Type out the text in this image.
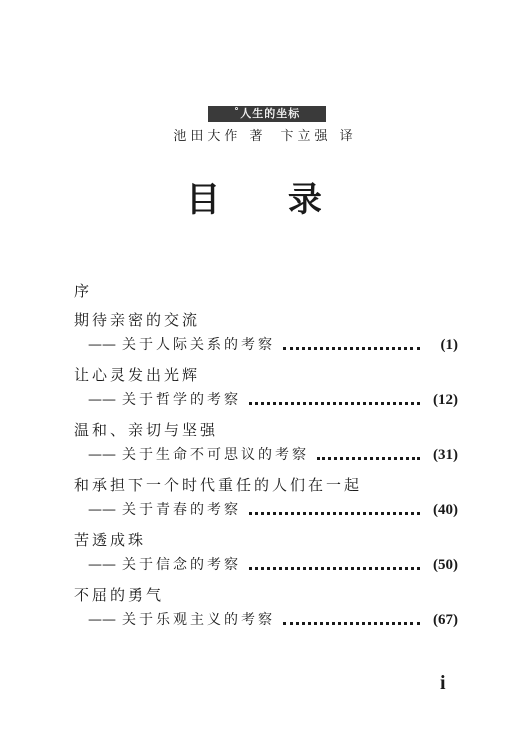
˚人生的坐标
池田大作 著 卞立强 译
目 录
序
期待亲密的交流
—— 关于人际关系的考察	(1)
让心灵发出光辉
—— 关于哲学的考察	(12)
温和、亲切与坚强
—— 关于生命不可思议的考察	(31)
和承担下一个时代重任的人们在一起
—— 关于青春的考察	(40)
苦透成珠
—— 关于信念的考察	(50)
不屈的勇气
—— 关于乐观主义的考察	(67)
i
